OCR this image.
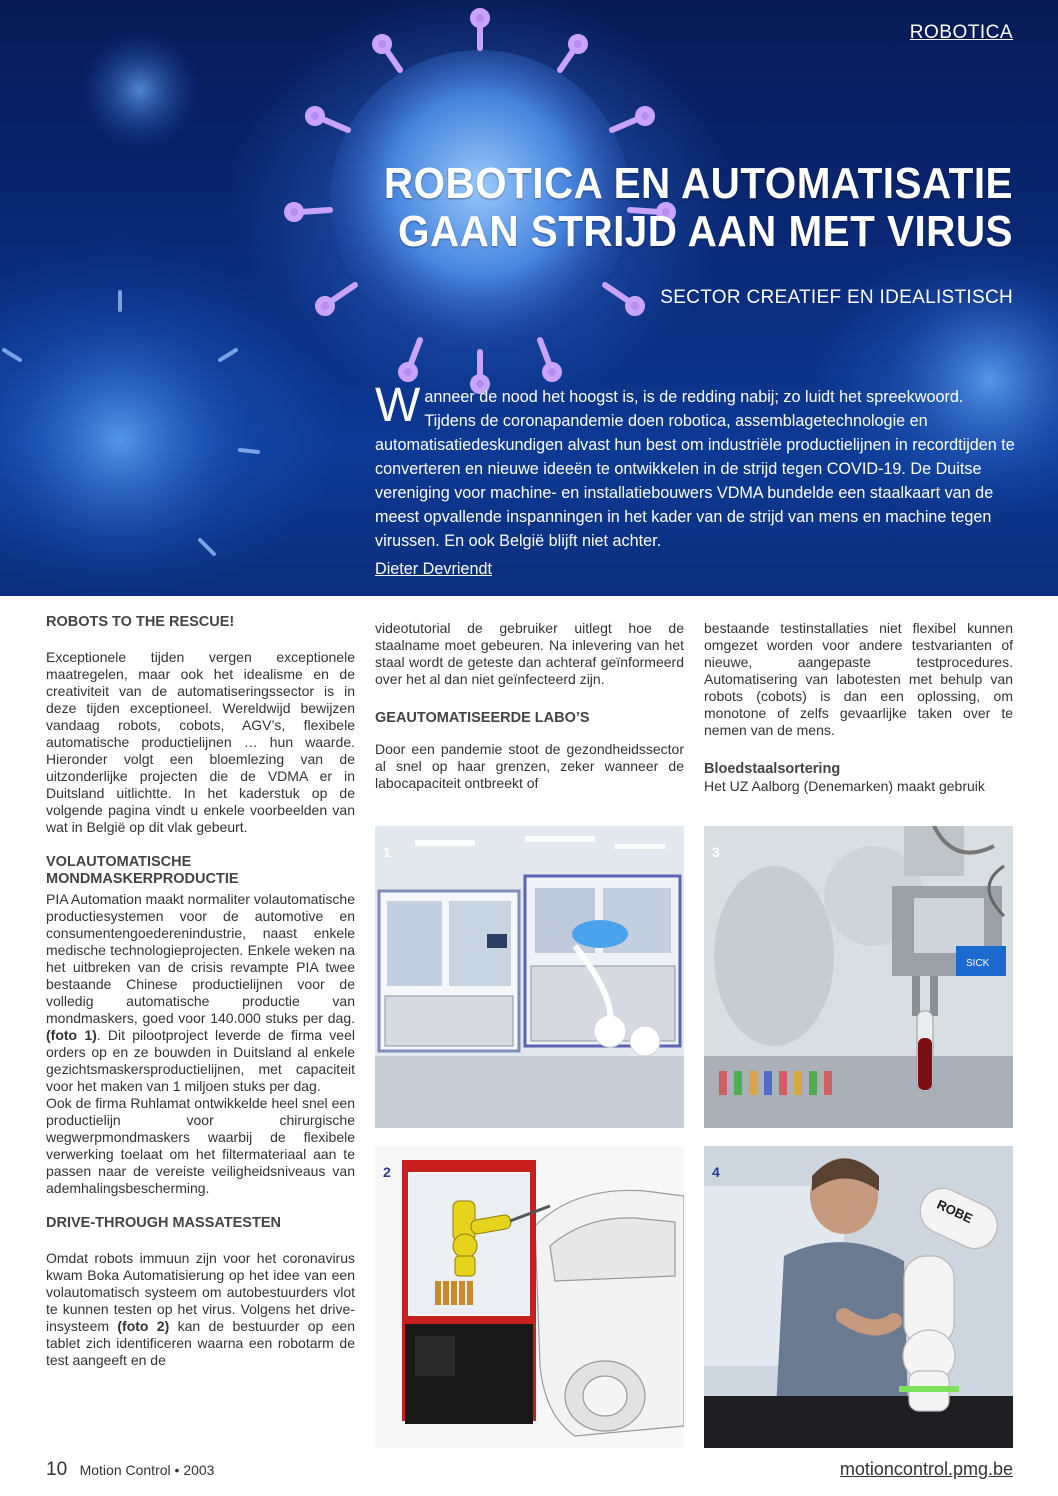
ROBOTICA
ROBOTICA EN AUTOMATISATIE
GAAN STRIJD AAN MET VIRUS
SECTOR CREATIEF EN IDEALISTISCH

Wanneer de nood het hoogst is, is de redding nabij; zo luidt het spreekwoord. Tijdens de coronapandemie doen robotica, assemblagetechnologie en automatisatiedeskundigen alvast hun best om industriële productielijnen in recordtijden te converteren en nieuwe ideeën te ontwikkelen in de strijd tegen COVID-19. De Duitse vereniging voor machine- en installatiebouwers VDMA bundelde een staalkaart van de meest opvallende inspanningen in het kader van de strijd van mens en machine tegen virussen. En ook België blijft niet achter.

Dieter Devriendt
ROBOTS TO THE RESCUE!

Exceptionele tijden vergen exceptionele maatregelen, maar ook het idealisme en de creativiteit van de automatiseringssector is in deze tijden exceptioneel. Wereldwijd bewijzen vandaag robots, cobots, AGV’s, flexibele automatische productielijnen … hun waarde. Hieronder volgt een bloemlezing van de uitzonderlijke projecten die de VDMA er in Duitsland uitlichtte. In het kaderstuk op de volgende pagina vindt u enkele voorbeelden van wat in België op dit vlak gebeurt.

VOLAUTOMATISCHE MONDMASKERPRODUCTIE

PIA Automation maakt normaliter volautomatische productiesystemen voor de automotive en consumentengoederenindustrie, naast enkele medische technologieprojecten. Enkele weken na het uitbreken van de crisis revampte PIA twee bestaande Chinese productielijnen voor de volledig automatische productie van mondmaskers, goed voor 140.000 stuks per dag. (foto 1). Dit pilootproject leverde de firma veel orders op en ze bouwden in Duitsland al enkele gezichtsmaskersproductielijnen, met capaciteit voor het maken van 1 miljoen stuks per dag.

Ook de firma Ruhlamat ontwikkelde heel snel een productielijn voor chirurgische wegwerpmondmaskers waarbij de flexibele verwerking toelaat om het filtermateriaal aan te passen naar de vereiste veiligheidsniveaus van ademhalingsbescherming.

DRIVE-THROUGH MASSATESTEN

Omdat robots immuun zijn voor het coronavirus kwam Boka Automatisierung op het idee van een volautomatisch systeem om autobestuurders vlot te kunnen testen op het virus. Volgens het drive-insysteem (foto 2) kan de bestuurder op een tablet zich identificeren waarna een robotarm de test aangeeft en de

videotutorial de gebruiker uitlegt hoe de staalname moet gebeuren. Na inlevering van het staal wordt de geteste dan achteraf geïnformeerd over het al dan niet geïnfecteerd zijn.

GEAUTOMATISEERDE LABO’S

Door een pandemie stoot de gezondheidssector al snel op haar grenzen, zeker wanneer de labocapaciteit ontbreekt of

bestaande testinstallaties niet flexibel kunnen omgezet worden voor andere testvarianten of nieuwe, aangepaste testprocedures. Automatisering van labotesten met behulp van robots (cobots) is dan een oplossing, om monotone of zelfs gevaarlijke taken over te nemen van de mens.

Bloedstaalsortering

Het UZ Aalborg (Denemarken) maakt gebruik

1
2
SICK
3
ROBE
4
10 Motion Control • 2003	motioncontrol.pmg.be
